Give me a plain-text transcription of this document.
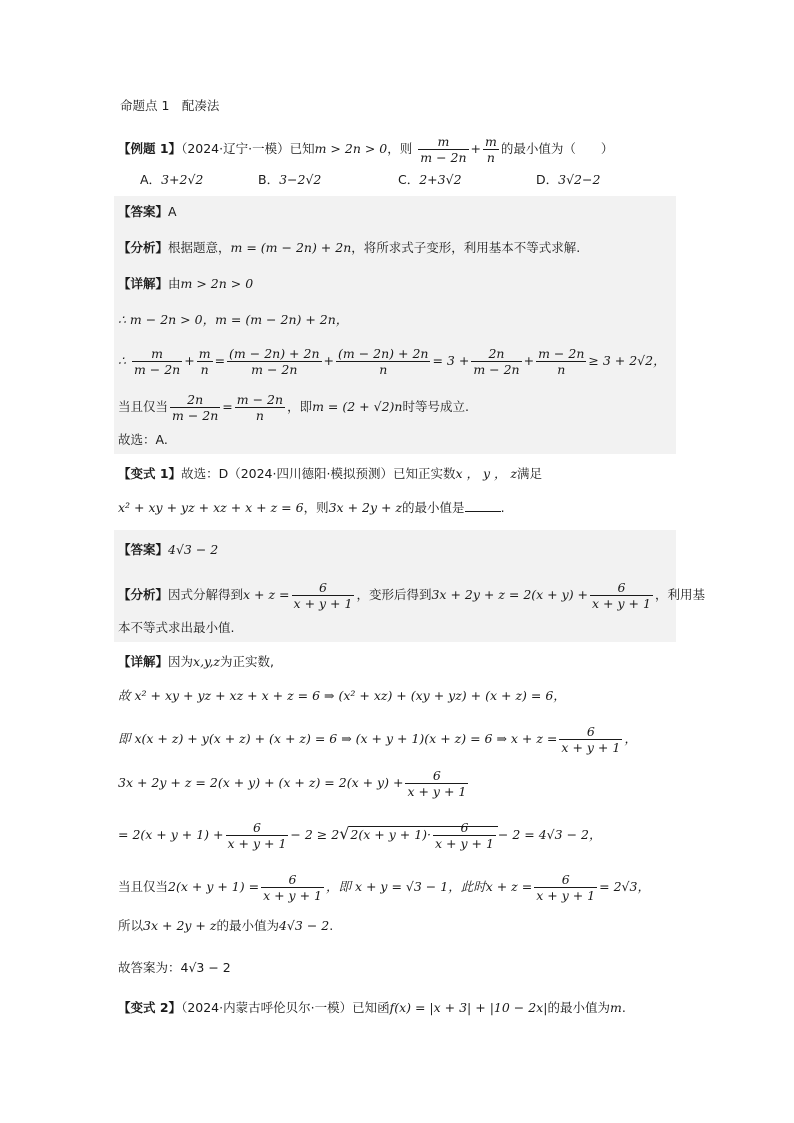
命题点 1　配凑法
【例题 1】（2024·辽宁·一模）已知m > 2n > 0，则 $\frac{m}{m - 2n} + \frac{m}{n}$ 的最小值为（　　）
A．3+2√2	B．3−2√2	C．2+3√2	D．3√2−2
【答案】A
【分析】根据题意，m = (m − 2n) + 2n，将所求式子变形，利用基本不等式求解.
【详解】由m > 2n > 0
∴ m − 2n > 0，m = (m − 2n) + 2n，
∴ $\frac{m}{m - 2n} + \frac{m}{n} = \frac{(m - 2n) + 2n}{m - 2n} + \frac{(m - 2n) + 2n}{n} = 3 + \frac{2n}{m - 2n} + \frac{m - 2n}{n} \ge 3 + 2√2$，
当且仅当 $\frac{2n}{m - 2n} = \frac{m - 2n}{n}$ ，即m = (2 + √2)n时等号成立.
故选：A.
【变式 1】故选：D（2024·四川德阳·模拟预测）已知正实数x ， y ， z满足
x² + xy + yz + xz + x + z = 6，则3x + 2y + z的最小值是	.
【答案】4√3 − 2
【分析】因式分解得到$x + z = \frac{6}{x + y + 1}$ ，变形后得到$3x + 2y + z = 2(x + y) + \frac{6}{x + y + 1}$ ，利用基
本不等式求出最小值.
【详解】因为x,y,z为正实数,
故 x² + xy + yz + xz + x + z = 6 ⇒ (x² + xz) + (xy + yz) + (x + z) = 6，
即 x(x + z) + y(x + z) + (x + z) = 6 ⇒ (x + y + 1)(x + z) = 6 ⇒ $x + z = \frac{6}{x + y + 1}$ ，
$3x + 2y + z = 2(x + y) + (x + z) = 2(x + y) + \frac{6}{x + y + 1}$
= $2(x + y + 1) + \frac{6}{x + y + 1} - 2 \ge 2√2(x + y + 1)\cdot \frac{6}{x + y + 1} - 2 = 4√3 - 2$，
当且仅当$2(x + y + 1) = \frac{6}{x + y + 1}$ ，即 x + y = √3 − 1，此时$x + z = \frac{6}{x + y + 1} = 2√3$，
所以3x + 2y + z的最小值为4√3 − 2.
故答案为：4√3 − 2
【变式 2】（2024·内蒙古呼伦贝尔·一模）已知函f(x) = |x + 3| + |10 − 2x|的最小值为m.
